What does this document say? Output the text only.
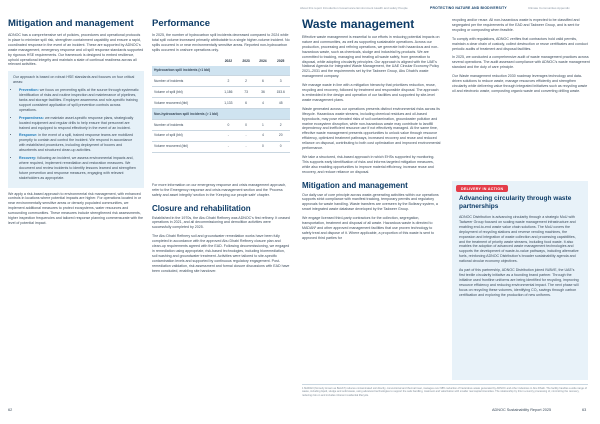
About this report Introduction Governance Environment Health and safety People	PROTECTING NATURE AND BIODIVERSITY	Climate Communities Appendix
Mitigation and management

ADNOC has a comprehensive set of policies, procedures and operational protocols in place to minimize spill risk, strengthen containment capability and ensure a rapid, coordinated response in the event of an incident. These are supported by ADNOC’s waste management, emergency response and oil spill response standards supported by rigorous HSE requirements. Our framework is designed to embed resilience, uphold operational integrity and maintain a state of continual readiness across all relevant activities.

Our approach is based on robust HSE standards and focuses on four critical areas:

• Prevention: we focus on preventing spills at the source through systematic identification of risks and routine inspection and maintenance of pipelines, tanks and storage facilities. Employee awareness and role-specific training support consistent application of spill prevention controls across operations.
• Preparedness: we maintain asset-specific response plans, strategically located equipment and regular drills to help ensure that personnel are trained and equipped to respond effectively in the event of an incident.
• Response: in the event of a spill, trained response teams are mobilized promptly to contain and control the incident. We respond in accordance with established procedures, including deployment of booms and absorbents and structured clean-up activities.
• Recovery: following an incident, we assess environmental impacts and, where required, implement remediation and restoration measures. We document and review incidents to identify lessons learned and strengthen future prevention and response measures, engaging with relevant stakeholders as appropriate.

We apply a risk-based approach to environmental risk management, with enhanced controls in locations where potential impacts are higher. For operations located in or near environmentally sensitive areas or densely populated communities, we implement additional measures to protect ecosystems, water resources and surrounding communities. These measures include strengthened risk assessments, higher inspection frequencies and tailored response planning commensurate with the level of potential impact.

Performance

In 2025, the number of hydrocarbon spill incidents decreased compared to 2024 while total spill volume increased primarily attributable to a single higher-volume incident. No spills occurred in or near environmentally sensitive areas. Reported non-hydrocarbon spills occurred in onshore operations only.

	2022	2023	2024	2025
Hydrocarbon spill incidents (>1 bbl)				
Number of incidents	2	2	6	3
Volume of spill (bbl)	1,186	73	36	153.6
Volume recovered (bbl)	1,133	6	4	45
Non-hydrocarbon spill incidents (> 1 bbl)				
Number of incidents	0	0	1	2
Volume of spill (bbl)	-	-	4	20
Volume recovered (bbl)	-	-	0	0

For more information on our emergency response and crisis management approach, refer to the Emergency response and crisis management section and the ‘Process safety and asset integrity’ section in the ‘Keeping our people safe’ chapter.

Closure and rehabilitation

Established in the 1970s, the Abu Dhabi Refinery was ADNOC’s first refinery. It ceased operations in 2021, and all decommissioning and demolition activities were successfully completed by 2025.

The Abu Dhabi Refinery soil and groundwater remediation works have been fully completed in accordance with the approved Abu Dhabi Refinery closure plan and clean-up requirements agreed with the EAD. Following decommissioning, we engaged in remediation using appropriate, risk-based technologies, including bioremediation, soil washing and groundwater treatment. Activities were tailored to site-specific contamination levels and supported by continuous regulatory engagement. Post-remediation validation, risk assessment and formal closure discussions with EAD have been concluded, enabling site handover.

Waste management

Effective waste management is essential to our efforts in reducing potential impacts on nature and communities, as well as supporting sustainable operations. Across our production, processing and refining operations, we generate both hazardous and non-hazardous waste, such as chemicals, sludge and industrial by-products. We are committed to tracking, managing and treating all waste safely, from generation to disposal, while adopting circularity principles. Our approach is aligned with the UAE’s National Agenda for Integrated Waste Management, the UAE Circular Economy Policy 2021–2031 and the requirements set by the Tadweer Group, Abu Dhabi’s waste management company.

We manage waste in line with a mitigation hierarchy that prioritizes reduction, reuse, recycling and recovery, followed by treatment and responsible disposal. The approach is embedded in the design and operation of our facilities and supported by site-level waste management plans.

Waste generated across our operations presents distinct environmental risks across its lifecycle. Hazardous waste streams, including chemical residues and oil-based byproducts, may pose elevated risks of soil contamination, groundwater pollution and marine ecosystem disruption, while non-hazardous waste may contribute to landfill dependency and inefficient resource use if not effectively managed. At the same time, effective waste management presents opportunities to unlock value through resource efficiency, optimized treatment pathways, increased recovery and reuse and reduced reliance on disposal, contributing to both cost optimization and improved environmental performance.

We take a structured, risk-based approach in which EHSs supported by monitoring. This supports early identification of risks and informs targeted mitigation measures, while also enabling opportunities to improve material efficiency, increase reuse and recovery, and reduce reliance on disposal.

Mitigation and management

Our daily use of core principle across waste-generating activities within our operations supports strict compliance with manifest tracking, temporary permits and regulatory approvals for waste handling. Waste transfers are overseen by the Bolleary system, a smart integrated waste database developed by the Tadweer Group.

We engage licensed third-party contractors for the collection, segregation, transportation, treatment and disposal of all waste. Hazardous waste is directed to MADAN¹ and other approved management facilities that use proven technology to safely treat and dispose of it. Where applicable, a proportion of this waste is sent to approved third parties for

recycling and/or reuse. All non-hazardous waste is expected to be classified and segregated per the requirements of the EAD and Tadweer Group, and is sent for recycling or composting when feasible.

To comply with regulations, ADNOC verifies that contractors hold valid permits, maintain a clear chain of custody, collect destruction or reuse certificates and conduct periodic audits of treatment and disposal facilities.

In 2025, we conducted a comprehensive audit of waste management practices across several operations. The audit assessed compliance with ADNOC’s waste management standard and the duty of care principle.

Our Waste management reduction 2030 roadmap leverages technology and data-driven solutions to reduce waste, manage resources efficiently and strengthen circularity while delivering value through integrated initiatives such as recycling waste oil and electronic waste, composting organic waste and converting drilling waste.

DELIVERY IN ACTION
Advancing circularity through waste partnerships

ADNOC Distribution is advancing circularity through a strategic MoU with Tadweer Group focused on scaling waste management infrastructure and enabling end-to-end waste value chain solutions. The MoU covers the deployment of recycling stations and reverse vending machines, the expansion and integration of waste collection and processing capabilities, and the treatment of priority waste streams, including food waste. It also enables the adoption of advanced waste management technologies and supports the development of waste-to-value pathways, including alternative fuels, reinforcing ADNOC Distribution’s broader sustainability agenda and national circular economy objectives.

As part of this partnership, ADNOC Distribution joined IWAVE, the UAE’s first textile circularity initiative as a founding brand partner. Through the initiative used frontline uniforms are being identified for recycling, improving resource efficiency and reducing environmental impact. The next phase will focus on recycling these volumes, identifying CO₂ savings through carbon certification and exploring the production of new uniforms.

1 MADAN (formerly known as BeAAT) reduces contaminated soil directly, conventional and thermal treat, manages over 98% reduction of hazardous waste generated by ADNOC and other industries in Abu Dhabi. The facility handles a wide range of waste, including liquid, sludge and solid waste, using advanced technologies to support the safe handling, treatment and valorization with smaller real capital intensities. The relationship by this in-country processing of, minimizing the recovery, reducing risk on and includes inherent residential lifecycle.
62	ADNOC Sustainability Report 2025	63
